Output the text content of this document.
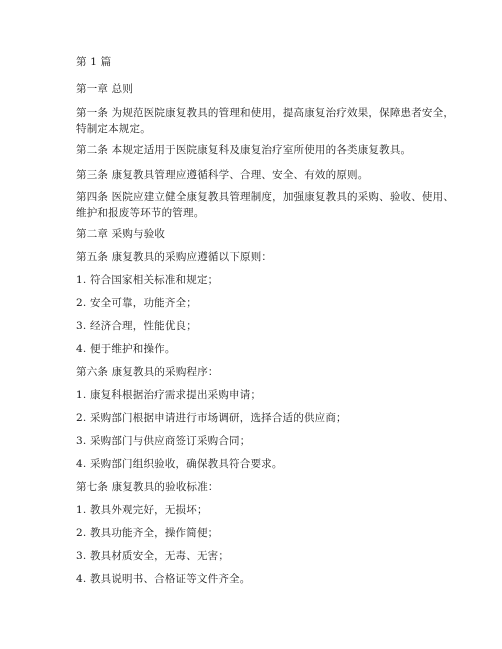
第 1 篇
第一章 总则
第一条 为规范医院康复教具的管理和使用，提高康复治疗效果，保障患者安全，
特制定本规定。
第二条 本规定适用于医院康复科及康复治疗室所使用的各类康复教具。
第三条 康复教具管理应遵循科学、合理、安全、有效的原则。
第四条 医院应建立健全康复教具管理制度，加强康复教具的采购、验收、使用、
维护和报废等环节的管理。
第二章 采购与验收
第五条 康复教具的采购应遵循以下原则：
1. 符合国家相关标准和规定；
2. 安全可靠，功能齐全；
3. 经济合理，性能优良；
4. 便于维护和操作。
第六条 康复教具的采购程序：
1. 康复科根据治疗需求提出采购申请；
2. 采购部门根据申请进行市场调研，选择合适的供应商；
3. 采购部门与供应商签订采购合同；
4. 采购部门组织验收，确保教具符合要求。
第七条 康复教具的验收标准：
1. 教具外观完好，无损坏；
2. 教具功能齐全，操作简便；
3. 教具材质安全，无毒、无害；
4. 教具说明书、合格证等文件齐全。
